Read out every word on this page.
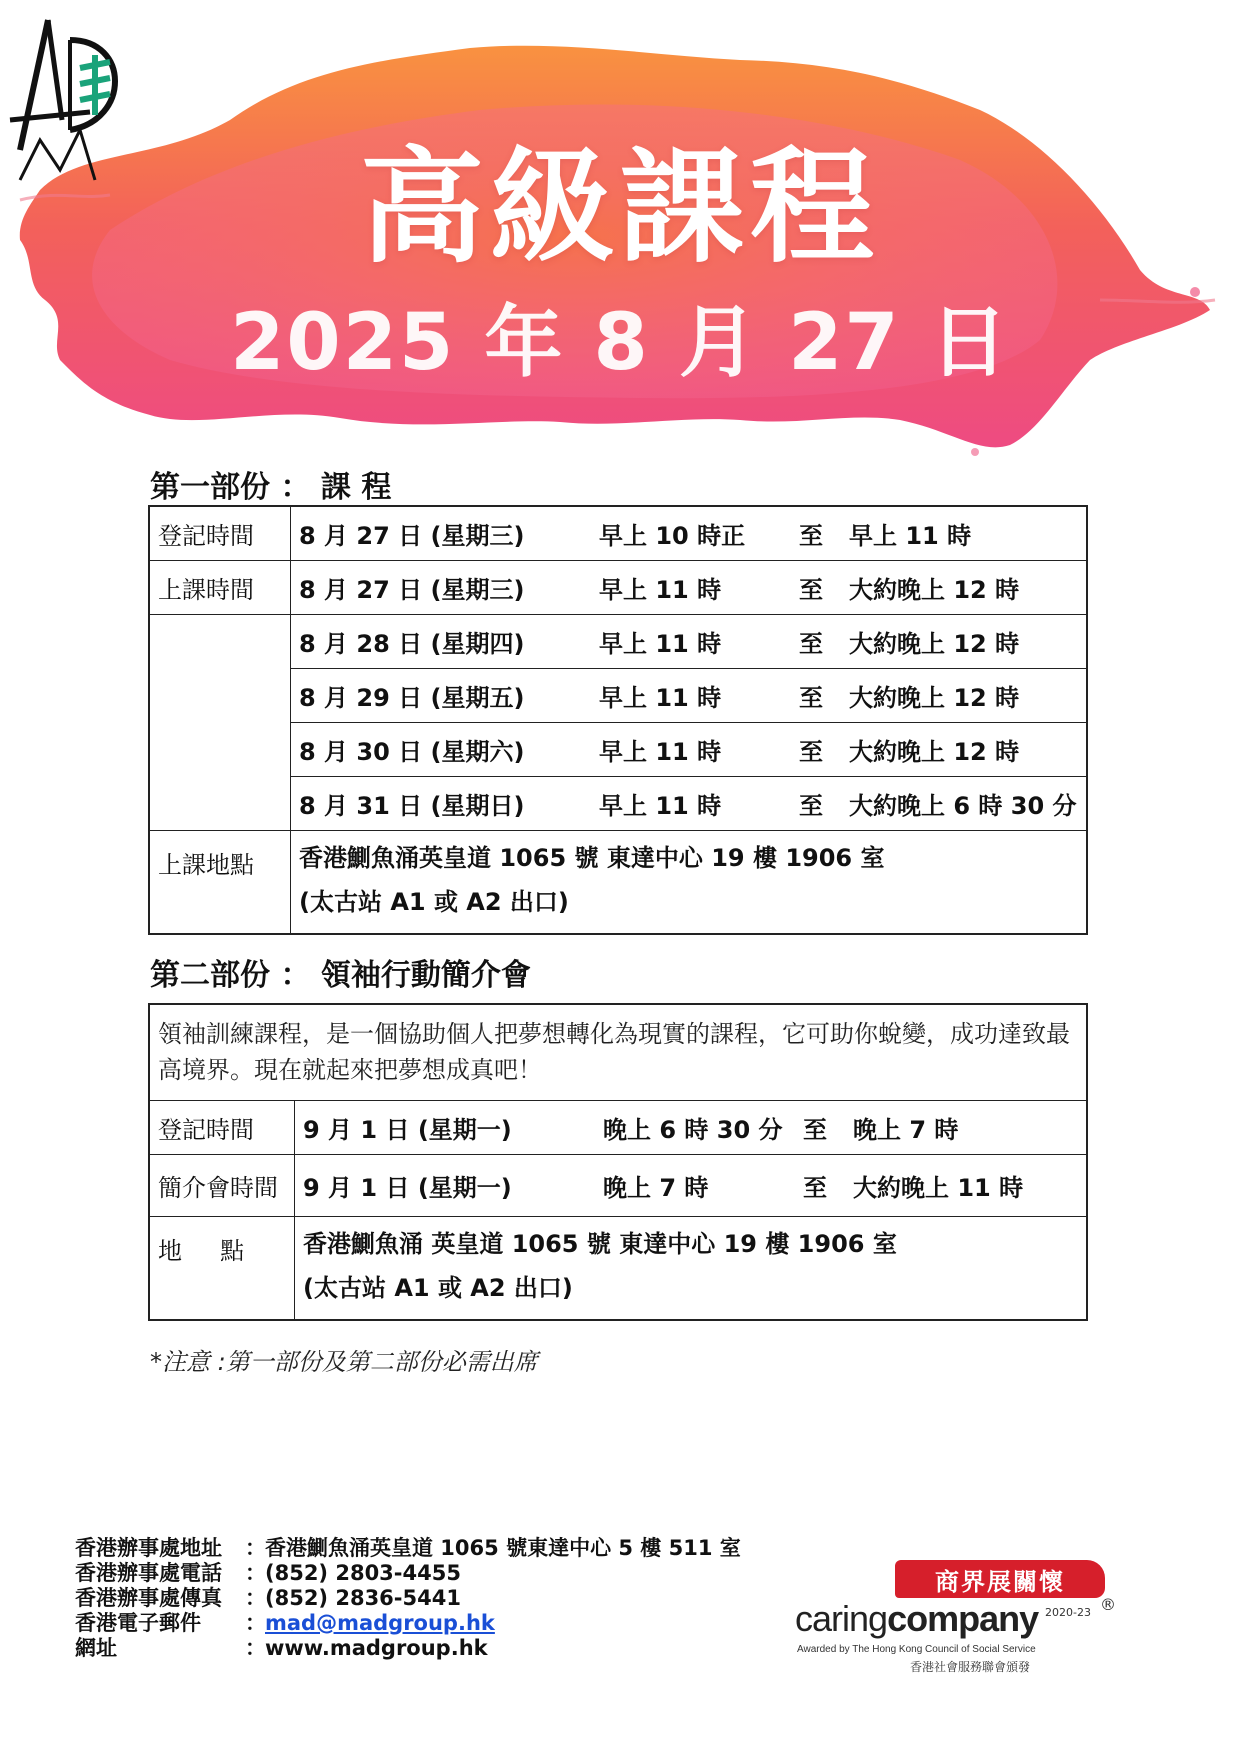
高級課程
2025 年 8 月 27 日
第一部份 ： 課 程
登記時間	8 月 27 日 (星期三) 早上 10 時正 至 早上 11 時

上課時間	8 月 27 日 (星期三) 早上 11 時 至 大約晚上 12 時

	8 月 28 日 (星期四) 早上 11 時 至 大約晚上 12 時

	8 月 29 日 (星期五) 早上 11 時 至 大約晚上 12 時

	8 月 30 日 (星期六) 早上 11 時 至 大約晚上 12 時

	8 月 31 日 (星期日) 早上 11 時 至 大約晚上 6 時 30 分

上課地點	香港鰂魚涌英皇道 1065 號 東達中心 19 樓 1906 室
(太古站 A1 或 A2 出口)
第二部份 ： 領袖行動簡介會
領袖訓練課程，是一個協助個人把夢想轉化為現實的課程，它可助你蛻變，成功達致最高境界。現在就起來把夢想成真吧！	
登記時間	9 月 1 日 (星期一) 晚上 6 時 30 分 至 晚上 7 時

簡介會時間	9 月 1 日 (星期一) 晚上 7 時 至 大約晚上 11 時

地     點	香港鰂魚涌 英皇道 1065 號 東達中心 19 樓 1906 室
(太古站 A1 或 A2 出口)
*注意 :第一部份及第二部份必需出席
香港辦事處地址	： 香港鰂魚涌英皇道 1065 號東達中心 5 樓 511 室
香港辦事處電話	： (852) 2803-4455
香港辦事處傳真	： (852) 2836-5441
香港電子郵件	： mad@madgroup.hk
網址	： www.madgroup.hk
商界展關懷
caringcompany 2020-23 ®
Awarded by The Hong Kong Council of Social Service
香港社會服務聯會頒發
